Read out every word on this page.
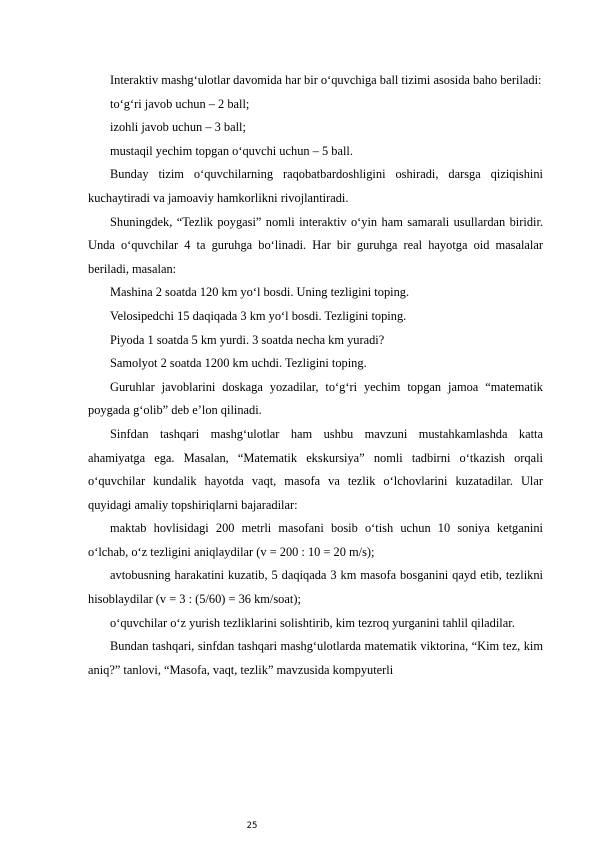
Interaktiv mashg‘ulotlar davomida har bir o‘quvchiga ball tizimi asosida baho beriladi:

to‘g‘ri javob uchun – 2 ball;

izohli javob uchun – 3 ball;

mustaqil yechim topgan o‘quvchi uchun – 5 ball.

Bunday tizim o‘quvchilarning raqobatbardoshligini oshiradi, darsga qiziqishini kuchaytiradi va jamoaviy hamkorlikni rivojlantiradi.

Shuningdek, “Tezlik poygasi” nomli interaktiv o‘yin ham samarali usullardan biridir. Unda o‘quvchilar 4 ta guruhga bo‘linadi. Har bir guruhga real hayotga oid masalalar beriladi, masalan:

Mashina 2 soatda 120 km yo‘l bosdi. Uning tezligini toping.

Velosipedchi 15 daqiqada 3 km yo‘l bosdi. Tezligini toping.

Piyoda 1 soatda 5 km yurdi. 3 soatda necha km yuradi?

Samolyot 2 soatda 1200 km uchdi. Tezligini toping.

Guruhlar javoblarini doskaga yozadilar, to‘g‘ri yechim topgan jamoa “matematik poygada g‘olib” deb e’lon qilinadi.

Sinfdan tashqari mashg‘ulotlar ham ushbu mavzuni mustahkamlashda katta ahamiyatga ega. Masalan, “Matematik ekskursiya” nomli tadbirni o‘tkazish orqali o‘quvchilar kundalik hayotda vaqt, masofa va tezlik o‘lchovlarini kuzatadilar. Ular quyidagi amaliy topshiriqlarni bajaradilar:

maktab hovlisidagi 200 metrli masofani bosib o‘tish uchun 10 soniya ketganini o‘lchab, o‘z tezligini aniqlaydilar (v = 200 : 10 = 20 m/s);

avtobusning harakatini kuzatib, 5 daqiqada 3 km masofa bosganini qayd etib, tezlikni hisoblaydilar (v = 3 : (5/60) = 36 km/soat);

o‘quvchilar o‘z yurish tezliklarini solishtirib, kim tezroq yurganini tahlil qiladilar.

Bundan tashqari, sinfdan tashqari mashg‘ulotlarda matematik viktorina, “Kim tez, kim aniq?” tanlovi, “Masofa, vaqt, tezlik” mavzusida kompyuterli

25
